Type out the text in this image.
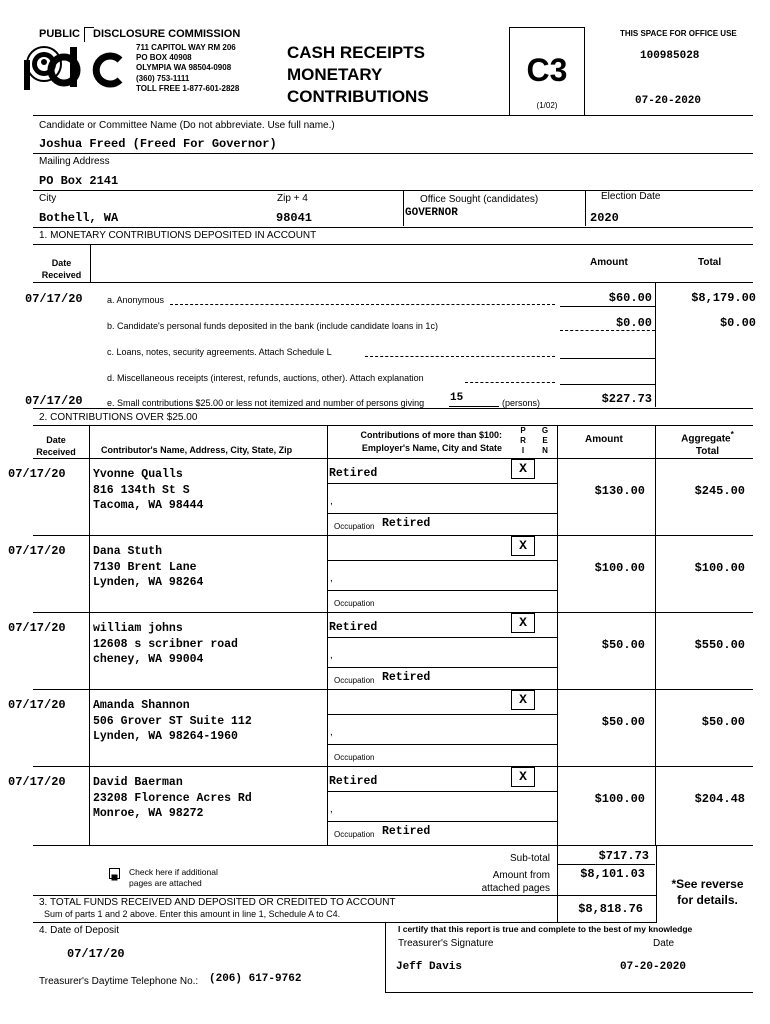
PUBLIC DISCLOSURE COMMISSION
711 CAPITOL WAY RM 206
PO BOX 40908
OLYMPIA WA 98504-0908
(360) 753-1111
TOLL FREE 1-877-601-2828
CASH RECEIPTS
MONETARY
CONTRIBUTIONS
C3
(1/02)
THIS SPACE FOR OFFICE USE
100985028
07-20-2020
Candidate or Committee Name (Do not abbreviate. Use full name.)
Joshua Freed (Freed For Governor)
Mailing Address
PO Box 2141
City
Bothell, WA
Zip + 4
98041
Office Sought (candidates)
GOVERNOR
Election Date
2020
1. MONETARY CONTRIBUTIONS DEPOSITED IN ACCOUNT
Date Received
Amount	Total
07/17/20	a. Anonymous	$60.00	$8,179.00
b. Candidate's personal funds deposited in the bank (include candidate loans in 1c)	$0.00	$0.00
c. Loans, notes, security agreements. Attach Schedule L
d. Miscellaneous receipts (interest, refunds, auctions, other). Attach explanation
07/17/20	e. Small contributions $25.00 or less not itemized and number of persons giving 15	(persons)	$227.73
2. CONTRIBUTIONS OVER $25.00
Date Received	Contributor's Name, Address, City, State, Zip
Contributions of more than $100:
Employer's Name, City and State
P R I
G E N
Amount	Aggregate*
Total
07/17/20 Yvonne Qualls
816 134th St S
Tacoma, WA 98444
Retired
,
Occupation Retired
X
$130.00	$245.00
07/17/20 Dana Stuth
7130 Brent Lane
Lynden, WA 98264	,
Occupation
X
$100.00	$100.00
07/17/20 william johns
12608 s scribner road
cheney, WA 99004
Retired
,
Occupation Retired
X
$50.00	$550.00
07/17/20 Amanda Shannon
506 Grover ST Suite 112
Lynden, WA 98264-1960	,
Occupation
X
$50.00	$50.00
07/17/20 David Baerman
23208 Florence Acres Rd
Monroe, WA 98272
Retired
,
Occupation Retired
X
$100.00	$204.48
Check here if additional
pages are attached
Sub-total
Amount from
attached pages
$717.73
$8,101.03
*See reverse
for details.
3. TOTAL FUNDS RECEIVED AND DEPOSITED OR CREDITED TO ACCOUNT
Sum of parts 1 and 2 above. Enter this amount in line 1, Schedule A to C4.	$8,818.76
4. Date of Deposit
07/17/20
I certify that this report is true and complete to the best of my knowledge
Treasurer's Signature	Date
Jeff Davis	07-20-2020
Treasurer's Daytime Telephone No.: (206) 617-9762
